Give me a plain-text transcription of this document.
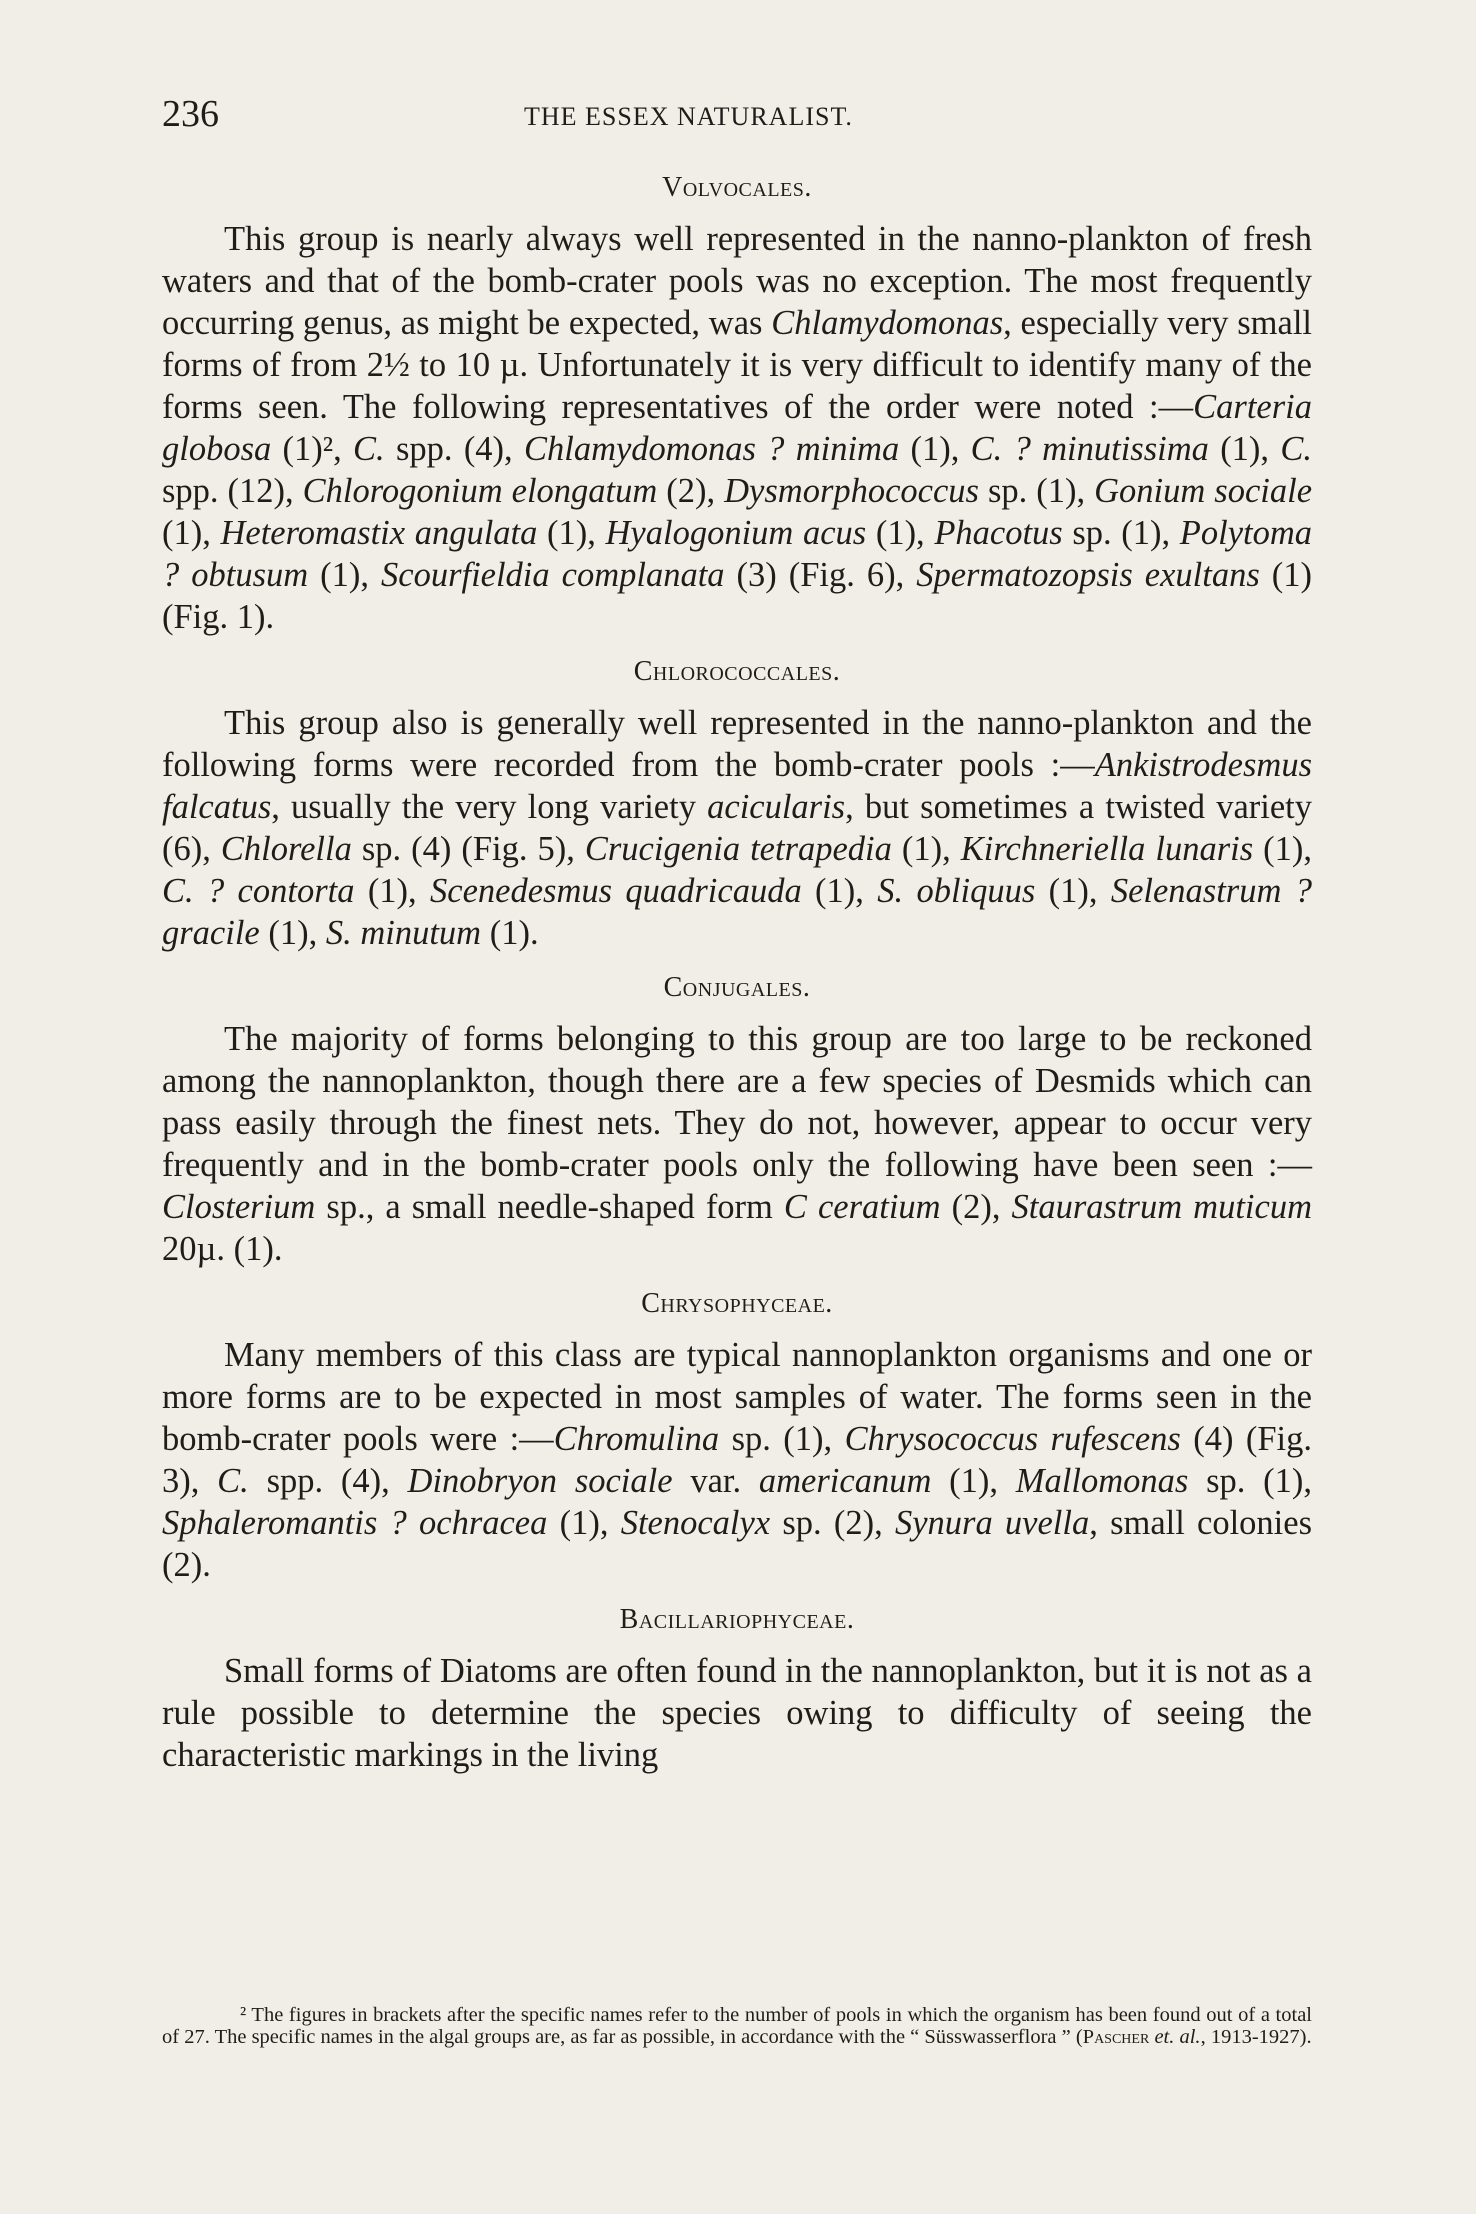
236	THE ESSEX NATURALIST.
Volvocales.

This group is nearly always well represented in the nanno-plankton of fresh waters and that of the bomb-crater pools was no exception. The most frequently occurring genus, as might be expected, was Chlamydomonas, especially very small forms of from 2½ to 10 µ. Unfortunately it is very difficult to identify many of the forms seen. The following representatives of the order were noted :—Carteria globosa (1)², C. spp. (4), Chlamydomonas ? minima (1), C. ? minutissima (1), C. spp. (12), Chlorogonium elongatum (2), Dysmorphococcus sp. (1), Gonium sociale (1), Heteromastix angulata (1), Hyalogonium acus (1), Phacotus sp. (1), Polytoma ? obtusum (1), Scourfieldia complanata (3) (Fig. 6), Spermatozopsis exultans (1) (Fig. 1).

Chlorococcales.

This group also is generally well represented in the nanno-plankton and the following forms were recorded from the bomb-crater pools :—Ankistrodesmus falcatus, usually the very long variety acicularis, but sometimes a twisted variety (6), Chlorella sp. (4) (Fig. 5), Crucigenia tetrapedia (1), Kirchneriella lunaris (1), C. ? contorta (1), Scenedesmus quadricauda (1), S. obliquus (1), Selenastrum ? gracile (1), S. minutum (1).

Conjugales.

The majority of forms belonging to this group are too large to be reckoned among the nannoplankton, though there are a few species of Desmids which can pass easily through the finest nets. They do not, however, appear to occur very frequently and in the bomb-crater pools only the following have been seen :—Closterium sp., a small needle-shaped form C ceratium (2), Staurastrum muticum 20µ. (1).

Chrysophyceae.

Many members of this class are typical nannoplankton organisms and one or more forms are to be expected in most samples of water. The forms seen in the bomb-crater pools were :—Chromulina sp. (1), Chrysococcus rufescens (4) (Fig. 3), C. spp. (4), Dinobryon sociale var. americanum (1), Mallomonas sp. (1), Sphaleromantis ? ochracea (1), Stenocalyx sp. (2), Synura uvella, small colonies (2).

Bacillariophyceae.

Small forms of Diatoms are often found in the nannoplankton, but it is not as a rule possible to determine the species owing to difficulty of seeing the characteristic markings in the living

² The figures in brackets after the specific names refer to the number of pools in which the organism has been found out of a total of 27. The specific names in the algal groups are, as far as possible, in accordance with the “ Süsswasserflora ” (Pascher et. al., 1913-1927).
